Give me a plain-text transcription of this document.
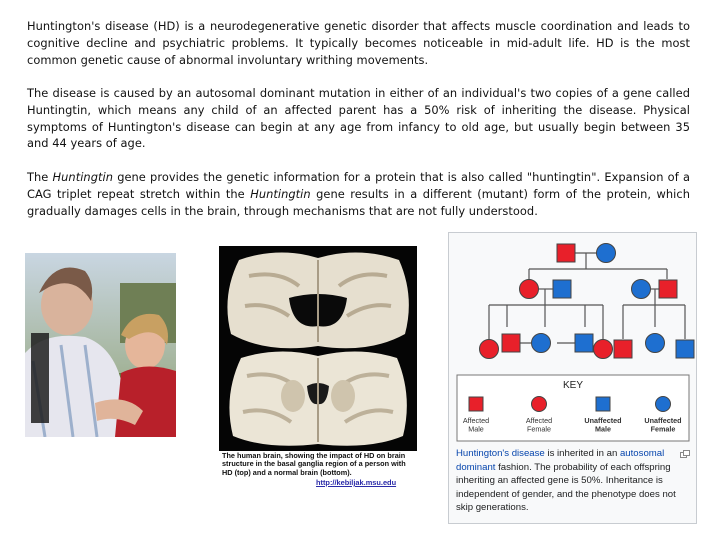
Huntington's disease (HD) is a neurodegenerative genetic disorder that affects muscle coordination and leads to cognitive decline and psychiatric problems. It typically becomes noticeable in mid-adult life. HD is the most common genetic cause of abnormal involuntary writhing movements.

The disease is caused by an autosomal dominant mutation in either of an individual's two copies of a gene called Huntingtin, which means any child of an affected parent has a 50% risk of inheriting the disease. Physical symptoms of Huntington's disease can begin at any age from infancy to old age, but usually begin between 35 and 44 years of age.

The Huntingtin gene provides the genetic information for a protein that is also called "huntingtin". Expansion of a CAG triplet repeat stretch within the Huntingtin gene results in a different (mutant) form of the protein, which gradually damages cells in the brain, through mechanisms that are not fully understood.

The human brain, showing the impact of HD on brain structure in the basal ganglia region of a person with HD (top) and a normal brain (bottom).
http://kebiljak.msu.edu
KEY
Affected Male
Affected Female
Unaffected Male
Unaffected Female
Huntington's disease is inherited in an autosomal dominant fashion. The probability of each offspring inheriting an affected gene is 50%. Inheritance is independent of gender, and the phenotype does not skip generations.
